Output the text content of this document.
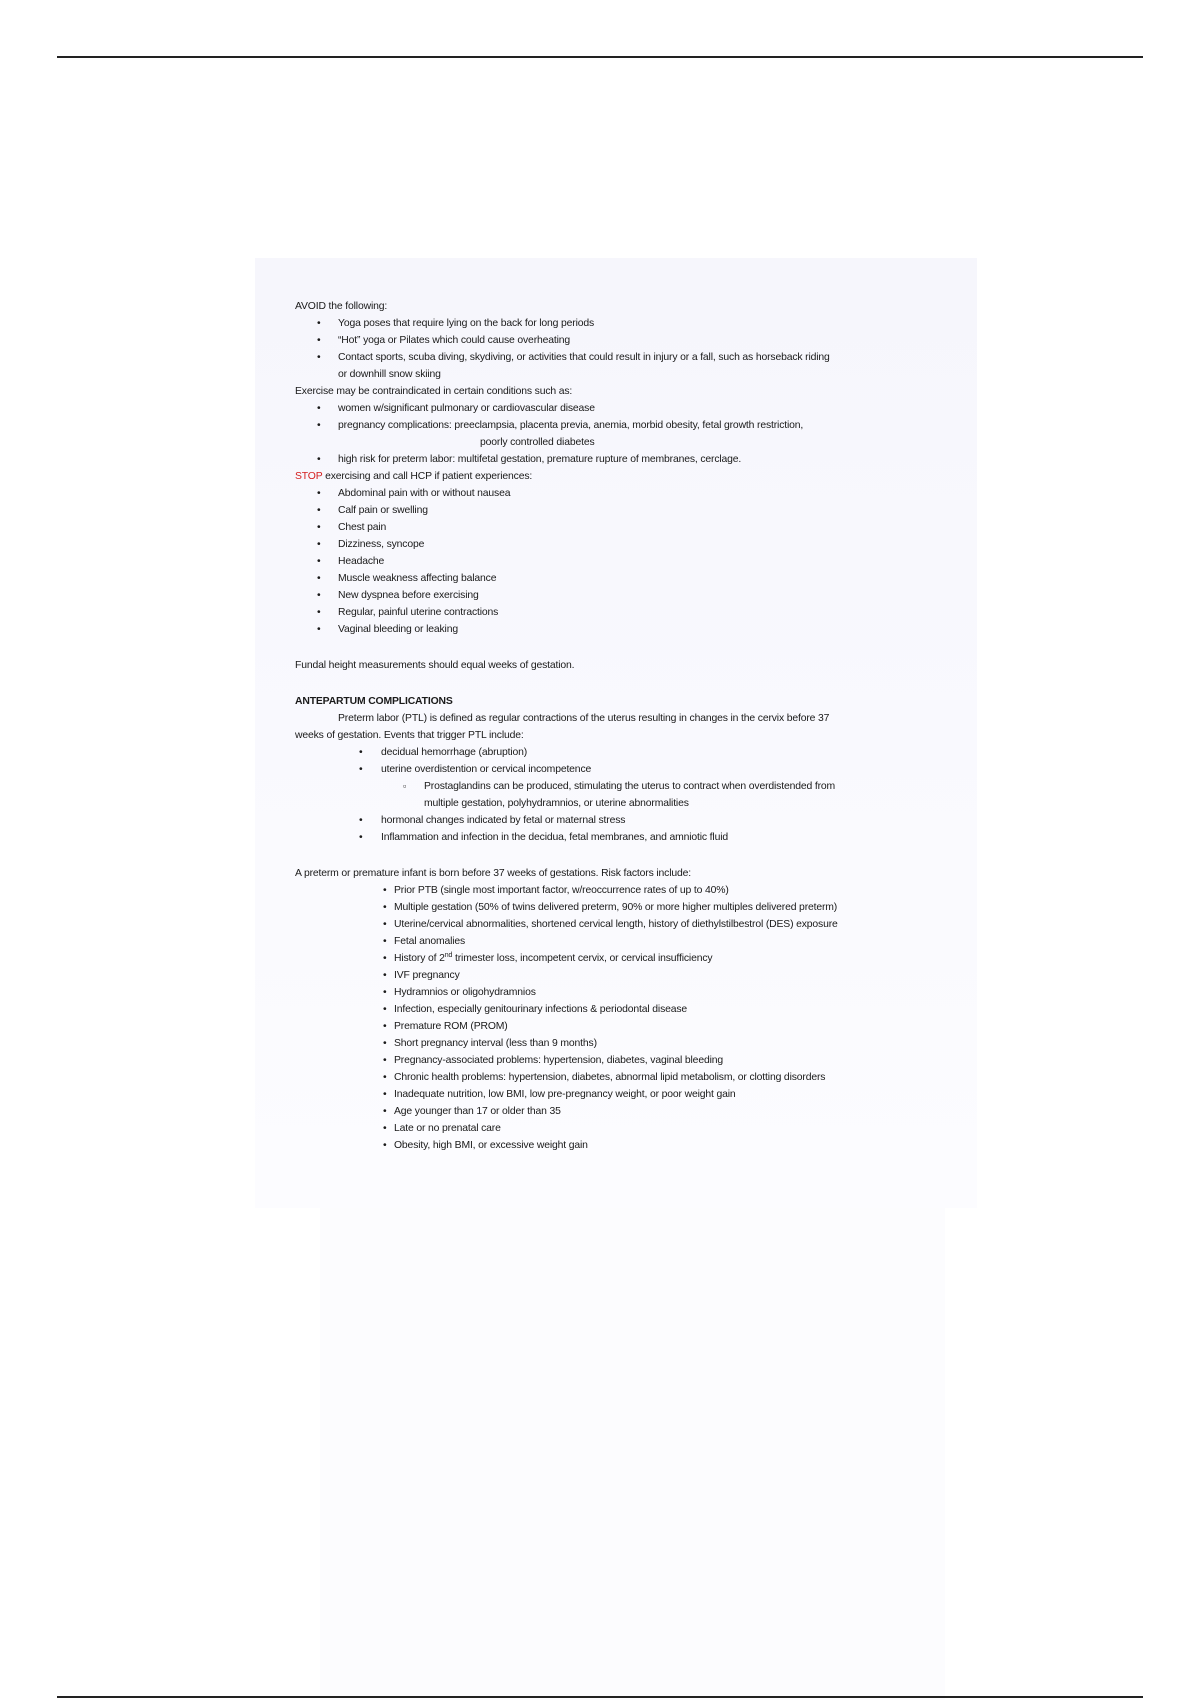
AVOID the following:
• Yoga poses that require lying on the back for long periods
• “Hot” yoga or Pilates which could cause overheating
• Contact sports, scuba diving, skydiving, or activities that could result in injury or a fall, such as horseback riding
or downhill snow skiing
Exercise may be contraindicated in certain conditions such as:
• women w/significant pulmonary or cardiovascular disease
• pregnancy complications: preeclampsia, placenta previa, anemia, morbid obesity, fetal growth restriction,
poorly controlled diabetes
• high risk for preterm labor: multifetal gestation, premature rupture of membranes, cerclage.
STOP exercising and call HCP if patient experiences:
• Abdominal pain with or without nausea
• Calf pain or swelling
• Chest pain
• Dizziness, syncope
• Headache
• Muscle weakness affecting balance
• New dyspnea before exercising
• Regular, painful uterine contractions
• Vaginal bleeding or leaking
Fundal height measurements should equal weeks of gestation.
ANTEPARTUM COMPLICATIONS
Preterm labor (PTL) is defined as regular contractions of the uterus resulting in changes in the cervix before 37
weeks of gestation. Events that trigger PTL include:
• decidual hemorrhage (abruption)
• uterine overdistention or cervical incompetence
▫ Prostaglandins can be produced, stimulating the uterus to contract when overdistended from
multiple gestation, polyhydramnios, or uterine abnormalities
• hormonal changes indicated by fetal or maternal stress
• Inflammation and infection in the decidua, fetal membranes, and amniotic fluid
A preterm or premature infant is born before 37 weeks of gestations. Risk factors include:
• Prior PTB (single most important factor, w/reoccurrence rates of up to 40%)
• Multiple gestation (50% of twins delivered preterm, 90% or more higher multiples delivered preterm)
• Uterine/cervical abnormalities, shortened cervical length, history of diethylstilbestrol (DES) exposure
• Fetal anomalies
• History of 2nd trimester loss, incompetent cervix, or cervical insufficiency
• IVF pregnancy
• Hydramnios or oligohydramnios
• Infection, especially genitourinary infections & periodontal disease
• Premature ROM (PROM)
• Short pregnancy interval (less than 9 months)
• Pregnancy-associated problems: hypertension, diabetes, vaginal bleeding
• Chronic health problems: hypertension, diabetes, abnormal lipid metabolism, or clotting disorders
• Inadequate nutrition, low BMI, low pre-pregnancy weight, or poor weight gain
• Age younger than 17 or older than 35
• Late or no prenatal care
• Obesity, high BMI, or excessive weight gain
